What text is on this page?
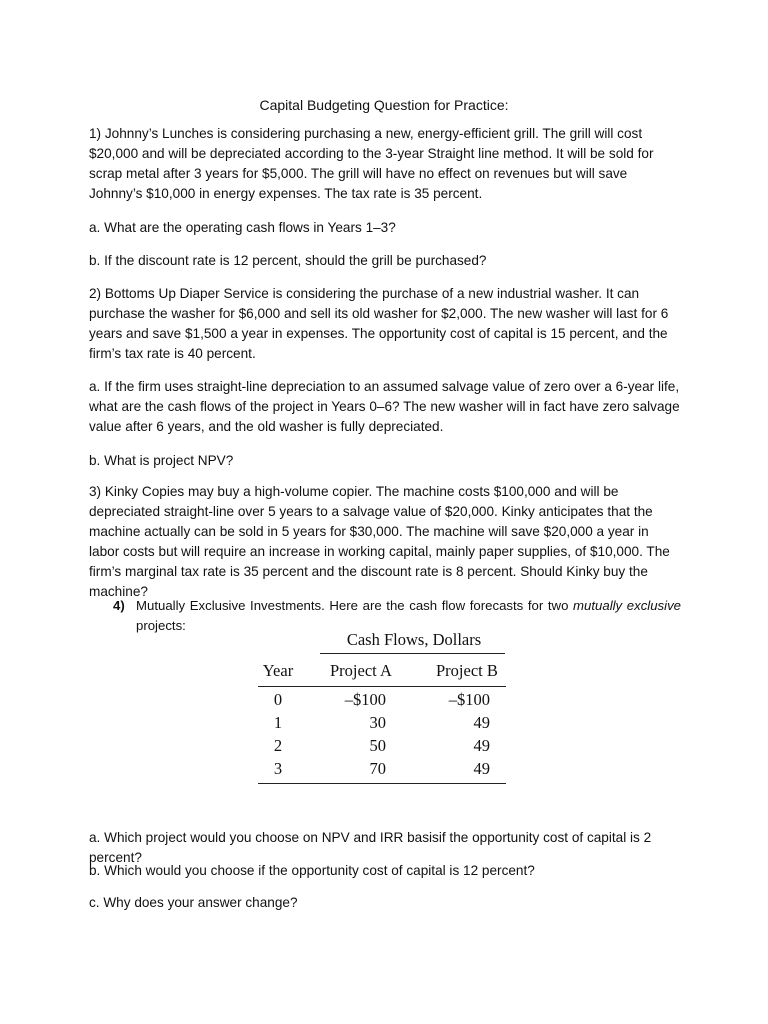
Capital Budgeting Question for Practice:
1) Johnny’s Lunches is considering purchasing a new, energy-efficient grill. The grill will cost $20,000 and will be depreciated according to the 3-year Straight line method. It will be sold for scrap metal after 3 years for $5,000. The grill will have no effect on revenues but will save Johnny’s $10,000 in energy expenses. The tax rate is 35 percent.
a. What are the operating cash flows in Years 1–3?
b. If the discount rate is 12 percent, should the grill be purchased?
2) Bottoms Up Diaper Service is considering the purchase of a new industrial washer. It can purchase the washer for $6,000 and sell its old washer for $2,000. The new washer will last for 6 years and save $1,500 a year in expenses. The opportunity cost of capital is 15 percent, and the firm’s tax rate is 40 percent.
a. If the firm uses straight-line depreciation to an assumed salvage value of zero over a 6-year life, what are the cash flows of the project in Years 0–6? The new washer will in fact have zero salvage value after 6 years, and the old washer is fully depreciated.
b. What is project NPV?
3) Kinky Copies may buy a high-volume copier. The machine costs $100,000 and will be depreciated straight-line over 5 years to a salvage value of $20,000. Kinky anticipates that the machine actually can be sold in 5 years for $30,000. The machine will save $20,000 a year in labor costs but will require an increase in working capital, mainly paper supplies, of $10,000. The firm’s marginal tax rate is 35 percent and the discount rate is 8 percent. Should Kinky buy the machine?
4) Mutually Exclusive Investments. Here are the cash flow forecasts for two mutually exclusive
projects:
Cash Flows, Dollars
Year Project A	Project B
0	–$100	–$100
1	30	49
2	50	49
3	70	49
a. Which project would you choose on NPV and IRR basisif the opportunity cost of capital is 2 percent?
b. Which would you choose if the opportunity cost of capital is 12 percent?
c. Why does your answer change?
